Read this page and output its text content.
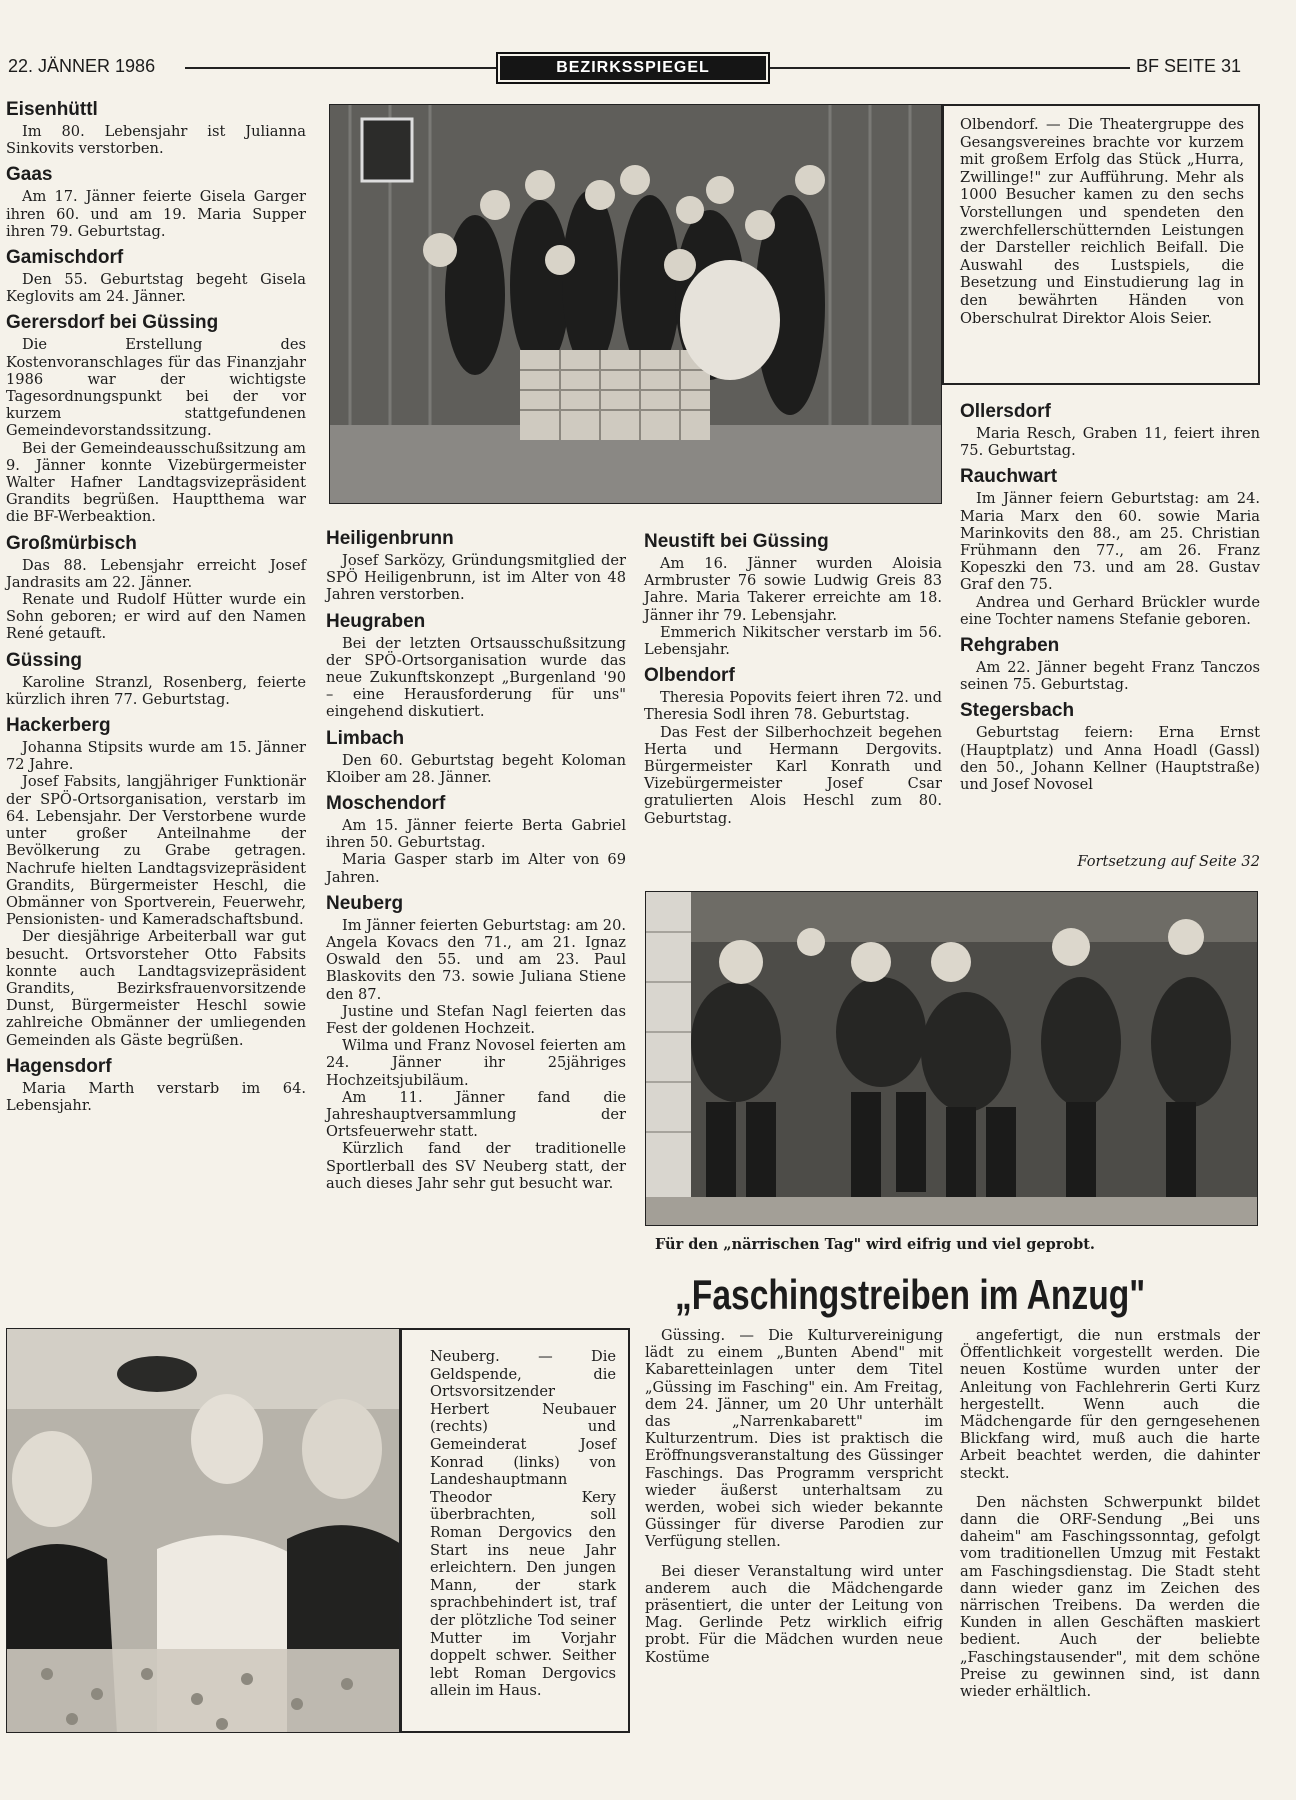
22. JÄNNER 1986	BEZIRKSSPIEGEL	BF SEITE 31
Eisenhüttl

Im 80. Lebensjahr ist Julianna Sinkovits verstorben.

Gaas

Am 17. Jänner feierte Gisela Garger ihren 60. und am 19. Maria Supper ihren 79. Geburtstag.

Gamischdorf

Den 55. Geburtstag begeht Gisela Keglovits am 24. Jänner.

Gerersdorf bei Güssing

Die Erstellung des Kostenvoranschlages für das Finanzjahr 1986 war der wichtigste Tagesordnungspunkt bei der vor kurzem stattgefundenen Gemeindevorstandssitzung.

Bei der Gemeindeausschußsitzung am 9. Jänner konnte Vizebürgermeister Walter Hafner Landtagsvizepräsident Grandits begrüßen. Hauptthema war die BF-Werbeaktion.

Großmürbisch

Das 88. Lebensjahr erreicht Josef Jandrasits am 22. Jänner.

Renate und Rudolf Hütter wurde ein Sohn geboren; er wird auf den Namen René getauft.

Güssing

Karoline Stranzl, Rosenberg, feierte kürzlich ihren 77. Geburtstag.

Hackerberg

Johanna Stipsits wurde am 15. Jänner 72 Jahre.

Josef Fabsits, langjähriger Funktionär der SPÖ-Ortsorganisation, verstarb im 64. Lebensjahr. Der Verstorbene wurde unter großer Anteilnahme der Bevölkerung zu Grabe getragen. Nachrufe hielten Landtagsvizepräsident Grandits, Bürgermeister Heschl, die Obmänner von Sportverein, Feuerwehr, Pensionisten- und Kameradschaftsbund.

Der diesjährige Arbeiterball war gut besucht. Ortsvorsteher Otto Fabsits konnte auch Landtagsvizepräsident Grandits, Bezirksfrauenvorsitzende Dunst, Bürgermeister Heschl sowie zahlreiche Obmänner der umliegenden Gemeinden als Gäste begrüßen.

Hagensdorf

Maria Marth verstarb im 64. Lebensjahr.

Olbendorf. — Die Theatergruppe des Gesangsvereines brachte vor kurzem mit großem Erfolg das Stück „Hurra, Zwillinge!" zur Aufführung. Mehr als 1000 Besucher kamen zu den sechs Vorstellungen und spendeten den zwerchfellerschütternden Leistungen der Darsteller reichlich Beifall. Die Auswahl des Lustspiels, die Besetzung und Einstudierung lag in den bewährten Händen von Oberschulrat Direktor Alois Seier.

Heiligenbrunn

Josef Sarközy, Gründungsmitglied der SPÖ Heiligenbrunn, ist im Alter von 48 Jahren verstorben.

Heugraben

Bei der letzten Ortsausschußsitzung der SPÖ-Ortsorganisation wurde das neue Zukunftskonzept „Burgenland '90 – eine Herausforderung für uns" eingehend diskutiert.

Limbach

Den 60. Geburtstag begeht Koloman Kloiber am 28. Jänner.

Moschendorf

Am 15. Jänner feierte Berta Gabriel ihren 50. Geburtstag.

Maria Gasper starb im Alter von 69 Jahren.

Neuberg

Im Jänner feierten Geburtstag: am 20. Angela Kovacs den 71., am 21. Ignaz Oswald den 55. und am 23. Paul Blaskovits den 73. sowie Juliana Stiene den 87.

Justine und Stefan Nagl feierten das Fest der goldenen Hochzeit.

Wilma und Franz Novosel feierten am 24. Jänner ihr 25jähriges Hochzeitsjubiläum.

Am 11. Jänner fand die Jahreshauptversammlung der Ortsfeuerwehr statt.

Kürzlich fand der traditionelle Sportlerball des SV Neuberg statt, der auch dieses Jahr sehr gut besucht war.

Neustift bei Güssing

Am 16. Jänner wurden Aloisia Armbruster 76 sowie Ludwig Greis 83 Jahre. Maria Takerer erreichte am 18. Jänner ihr 79. Lebensjahr.

Emmerich Nikitscher verstarb im 56. Lebensjahr.

Olbendorf

Theresia Popovits feiert ihren 72. und Theresia Sodl ihren 78. Geburtstag.

Das Fest der Silberhochzeit begehen Herta und Hermann Dergovits. Bürgermeister Karl Konrath und Vizebürgermeister Josef Csar gratulierten Alois Heschl zum 80. Geburtstag.

Ollersdorf

Maria Resch, Graben 11, feiert ihren 75. Geburtstag.

Rauchwart

Im Jänner feiern Geburtstag: am 24. Maria Marx den 60. sowie Maria Marinkovits den 88., am 25. Christian Frühmann den 77., am 26. Franz Kopeszki den 73. und am 28. Gustav Graf den 75.

Andrea und Gerhard Brückler wurde eine Tochter namens Stefanie geboren.

Rehgraben

Am 22. Jänner begeht Franz Tanczos seinen 75. Geburtstag.

Stegersbach

Geburtstag feiern: Erna Ernst (Hauptplatz) und Anna Hoadl (Gassl) den 50., Johann Kellner (Hauptstraße) und Josef Novosel

Fortsetzung auf Seite 32
Für den „närrischen Tag" wird eifrig und viel geprobt.
„Faschingstreiben im Anzug"

Güssing. — Die Kulturvereinigung lädt zu einem „Bunten Abend" mit Kabaretteinlagen unter dem Titel „Güssing im Fasching" ein. Am Freitag, dem 24. Jänner, um 20 Uhr unterhält das „Narrenkabarett" im Kulturzentrum. Dies ist praktisch die Eröffnungsveranstaltung des Güssinger Faschings. Das Programm verspricht wieder äußerst unterhaltsam zu werden, wobei sich wieder bekannte Güssinger für diverse Parodien zur Verfügung stellen.

Bei dieser Veranstaltung wird unter anderem auch die Mädchengarde präsentiert, die unter der Leitung von Mag. Gerlinde Petz wirklich eifrig probt. Für die Mädchen wurden neue Kostüme

angefertigt, die nun erstmals der Öffentlichkeit vorgestellt werden. Die neuen Kostüme wurden unter der Anleitung von Fachlehrerin Gerti Kurz hergestellt. Wenn auch die Mädchengarde für den gerngesehenen Blickfang wird, muß auch die harte Arbeit beachtet werden, die dahinter steckt.

Den nächsten Schwerpunkt bildet dann die ORF-Sendung „Bei uns daheim" am Faschingssonntag, gefolgt vom traditionellen Umzug mit Festakt am Faschingsdienstag. Die Stadt steht dann wieder ganz im Zeichen des närrischen Treibens. Da werden die Kunden in allen Geschäften maskiert bedient. Auch der beliebte „Faschingstausender", mit dem schöne Preise zu gewinnen sind, ist dann wieder erhältlich.

Neuberg. — Die Geldspende, die Ortsvorsitzender Herbert Neubauer (rechts) und Gemeinderat Josef Konrad (links) von Landeshauptmann Theodor Kery überbrachten, soll Roman Dergovics den Start ins neue Jahr erleichtern. Den jungen Mann, der stark sprachbehindert ist, traf der plötzliche Tod seiner Mutter im Vorjahr doppelt schwer. Seither lebt Roman Dergovics allein im Haus.
